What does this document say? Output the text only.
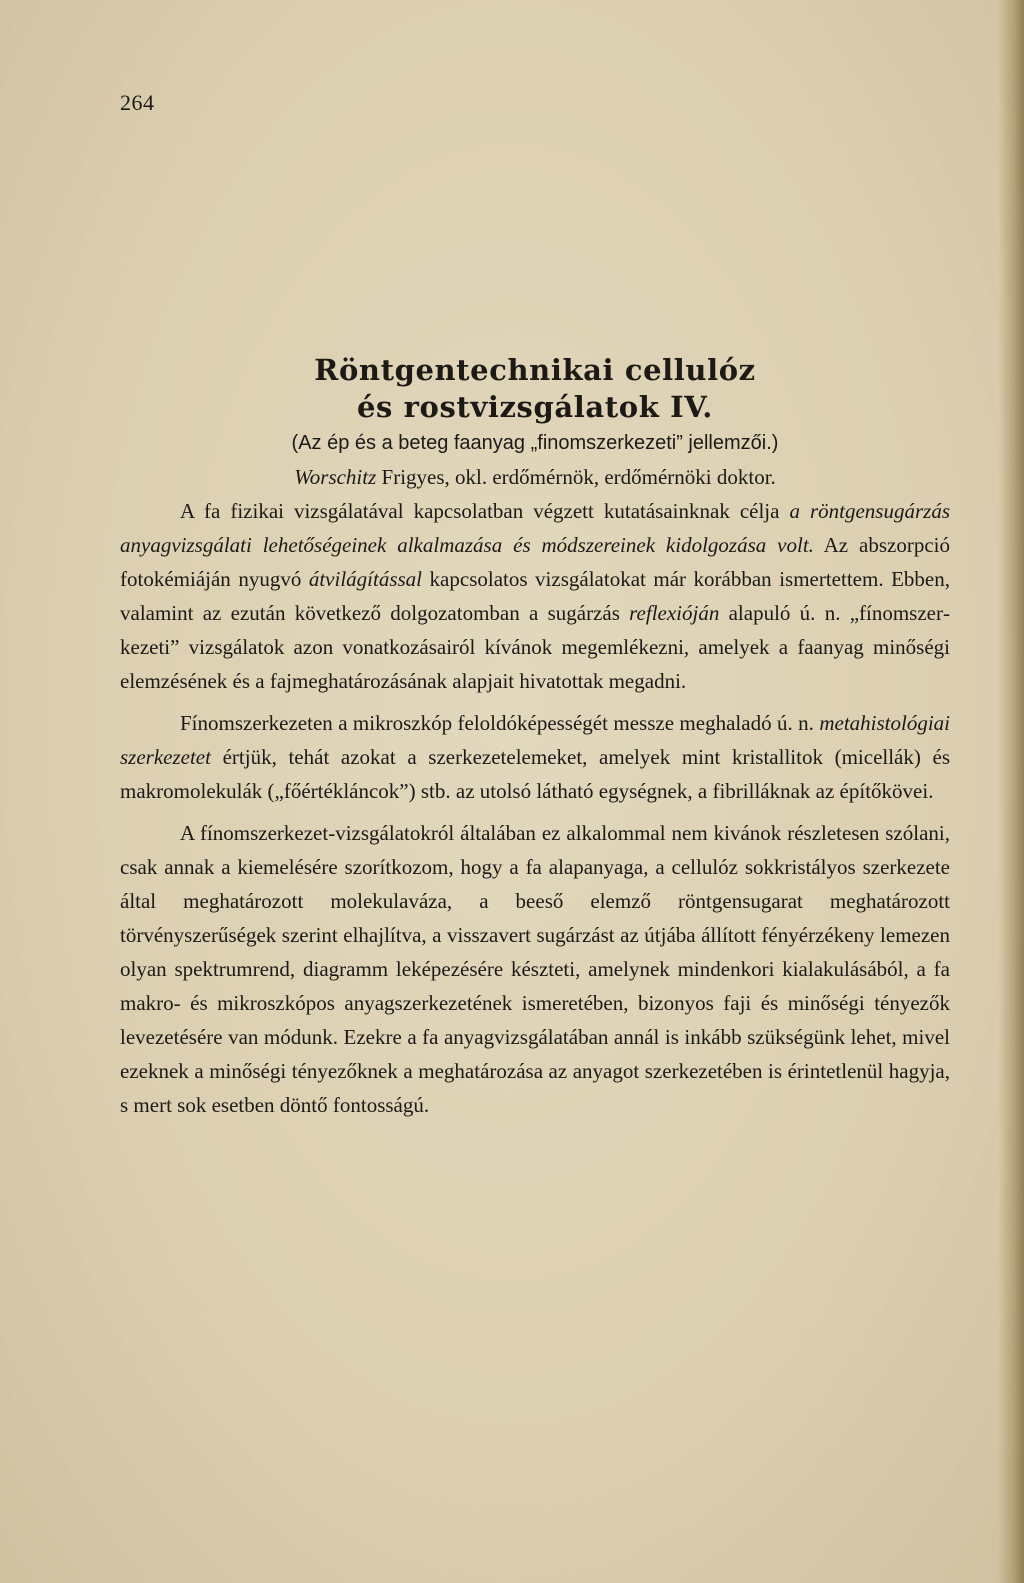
264
Röntgentechnikai cellulóz
és rostvizsgálatok IV.

(Az ép és a beteg faanyag „finomszerkezeti” jellemzői.)

Worschitz Frigyes, okl. erdőmérnök, erdőmérnöki doktor.

A fa fizikai vizsgálatával kapcsolatban végzett kutatásainknak célja a röntgensugárzás anyagvizsgálati lehetőségeinek alkalmazása és módszereinek kidolgozása volt. Az abszorpció fotokémiáján nyugvó átvilágítással kapcsolatos vizsgálatokat már korábban ismertettem. Ebben, valamint az ezután következő dolgozatomban a sugárzás reflexióján alapuló ú. n. „fínomszerkezeti” vizsgálatok azon vonatkozásairól kívánok megemlékezni, amelyek a faanyag minőségi elemzésének és a fajmeghatározásának alapjait hivatottak megadni.

Fínomszerkezeten a mikroszkóp feloldóképességét messze meghaladó ú. n. metahistológiai szerkezetet értjük, tehát azokat a szerkezetelemeket, amelyek mint kristallitok (micellák) és makromolekulák („főértékláncok”) stb. az utolsó látható egységnek, a fibrilláknak az építőkövei.

A fínomszerkezet-vizsgálatokról általában ez alkalommal nem kivánok részletesen szólani, csak annak a kiemelésére szorítkozom, hogy a fa alapanyaga, a cellulóz sokkristályos szerkezete által meghatározott molekulaváza, a beeső elemző röntgensugarat meghatározott törvényszerűségek szerint elhajlítva, a visszavert sugárzást az útjába állított fényérzékeny lemezen olyan spektrumrend, diagramm leképezésére készteti, amelynek mindenkori kialakulásából, a fa makro- és mikroszkópos anyagszerkezetének ismeretében, bizonyos faji és minőségi tényezők levezetésére van módunk. Ezekre a fa anyagvizsgálatában annál is inkább szükségünk lehet, mivel ezeknek a minőségi tényezőknek a meghatározása az anyagot szerkezetében is érintetlenül hagyja, s mert sok esetben döntő fontosságú.
